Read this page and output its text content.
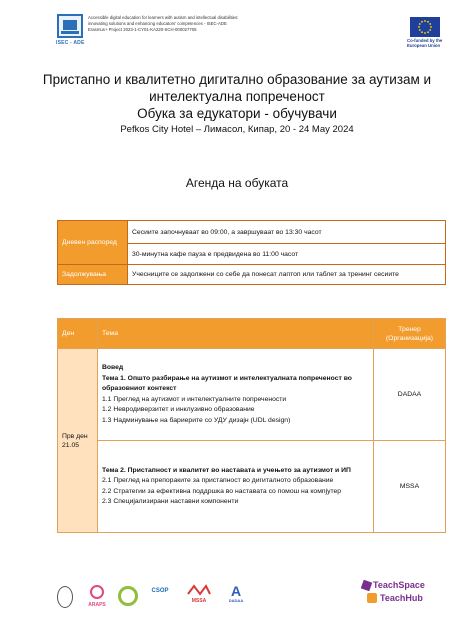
ISEC - ADE
Accessible digital education for learners with autism and intellectual disabilities:
innovating solutions and enhancing educators' competences - ISEC-ADE
Erasmus+ Project 2023-1-CY01-KA220-SCH-000027705
Co-funded by the European Union
Пристапно и квалитетно дигитално образование за аутизам и
интелектуална попреченост
Обука за едукатори - обучувачи
Pefkos City Hotel – Лимасол, Кипар, 20 - 24 May 2024
Агенда на обуката
Дневен распоред	Сесиите започнуваат во 09:00, а завршуваат во 13:30 часот
	30-минутна кафе пауза е предвидена во 11:00 часот
Задолжувања	Учесниците се задолжени со себе да понесат лаптоп или таблет за тренинг сесиите
Ден	Тема	Тренер (Организација)
Прв ден 21.05	Вовед
Тема 1. Општо разбирање на аутизмот и интелектуалната попреченост во образовниот контекст
1.1 Преглед на аутизмот и интелектуалните попречености
1.2 Невродиверзитет и инклузивно образование
1.3 Надминување на бариерите со УДУ дизајн (UDL design)	DADAA
	Тема 2. Пристапност и квалитет во наставата и учењето за аутизмот и ИП
2.1 Преглед на препораките за пристапност во дигиталното образование
2.2 Стратегии за ефективна поддршка во наставата со помош на компјутер
2.3 Специјализирани наставни компоненти	MSSA
ARAPS
CSOP
MSSA
A
DADAA
TeachSpace
TeachHub
